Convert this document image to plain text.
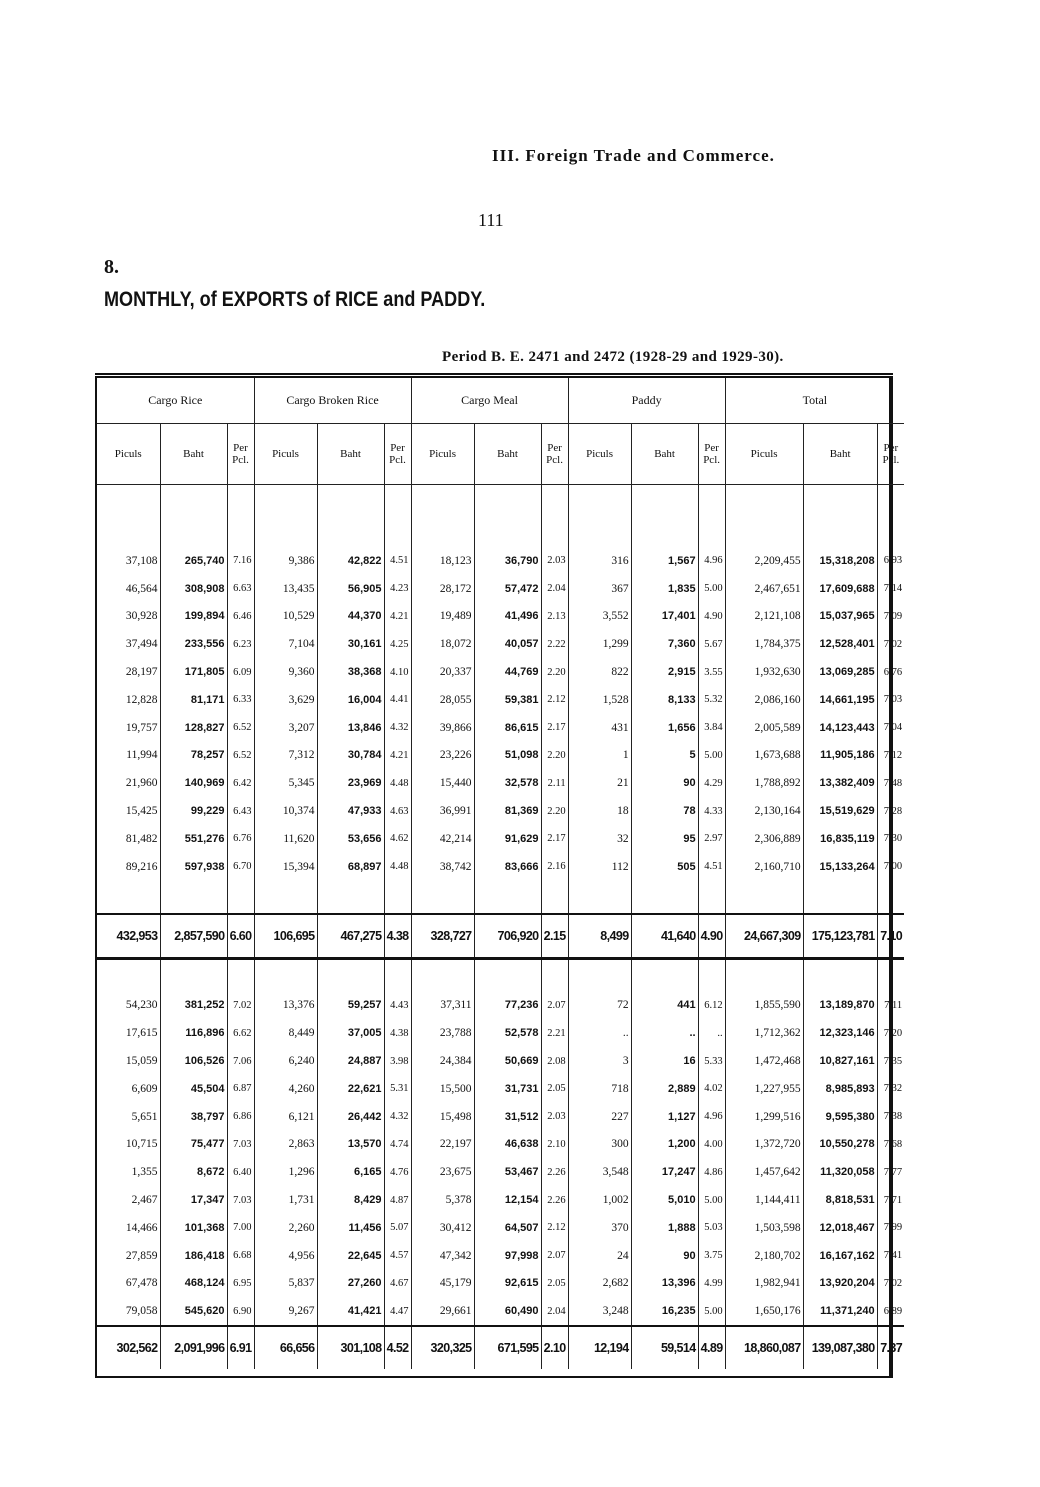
III. Foreign Trade and Commerce.
111
8.
MONTHLY, of EXPORTS of RICE and PADDY.
Period B. E. 2471 and 2472 (1928-29 and 1929-30).
Cargo Rice			Cargo Broken Rice			Cargo Meal			Paddy			Total		
Piculs	Baht	Per Pcl.	Piculs	Baht	Per Pcl.	Piculs	Baht	Per Pcl.	Piculs	Baht	Per Pcl.	Piculs	Baht	Per Pcl.

37,108	265,740	7.16	9,386	42,822	4.51	18,123	36,790	2.03	316	1,567	4.96	2,209,455	15,318,208	6.93
46,564	308,908	6.63	13,435	56,905	4.23	28,172	57,472	2.04	367	1,835	5.00	2,467,651	17,609,688	7.14
30,928	199,894	6.46	10,529	44,370	4.21	19,489	41,496	2.13	3,552	17,401	4.90	2,121,108	15,037,965	7.09
37,494	233,556	6.23	7,104	30,161	4.25	18,072	40,057	2.22	1,299	7,360	5.67	1,784,375	12,528,401	7.02
28,197	171,805	6.09	9,360	38,368	4.10	20,337	44,769	2.20	822	2,915	3.55	1,932,630	13,069,285	6.76
12,828	81,171	6.33	3,629	16,004	4.41	28,055	59,381	2.12	1,528	8,133	5.32	2,086,160	14,661,195	7.03
19,757	128,827	6.52	3,207	13,846	4.32	39,866	86,615	2.17	431	1,656	3.84	2,005,589	14,123,443	7.04
11,994	78,257	6.52	7,312	30,784	4.21	23,226	51,098	2.20	1	5	5.00	1,673,688	11,905,186	7.12
21,960	140,969	6.42	5,345	23,969	4.48	15,440	32,578	2.11	21	90	4.29	1,788,892	13,382,409	7.48
15,425	99,229	6.43	10,374	47,933	4.63	36,991	81,369	2.20	18	78	4.33	2,130,164	15,519,629	7.28
81,482	551,276	6.76	11,620	53,656	4.62	42,214	91,629	2.17	32	95	2.97	2,306,889	16,835,119	7.30
89,216	597,938	6.70	15,394	68,897	4.48	38,742	83,666	2.16	112	505	4.51	2,160,710	15,133,264	7.00

432,953	2,857,590	6.60	106,695	467,275	4.38	328,727	706,920	2.15	8,499	41,640	4.90	24,667,309	175,123,781	7.10

54,230	381,252	7.02	13,376	59,257	4.43	37,311	77,236	2.07	72	441	6.12	1,855,590	13,189,870	7.11
17,615	116,896	6.62	8,449	37,005	4.38	23,788	52,578	2.21	..	..	..	1,712,362	12,323,146	7.20
15,059	106,526	7.06	6,240	24,887	3.98	24,384	50,669	2.08	3	16	5.33	1,472,468	10,827,161	7.35
6,609	45,504	6.87	4,260	22,621	5.31	15,500	31,731	2.05	718	2,889	4.02	1,227,955	8,985,893	7.32
5,651	38,797	6.86	6,121	26,442	4.32	15,498	31,512	2.03	227	1,127	4.96	1,299,516	9,595,380	7.38
10,715	75,477	7.03	2,863	13,570	4.74	22,197	46,638	2.10	300	1,200	4.00	1,372,720	10,550,278	7.68
1,355	8,672	6.40	1,296	6,165	4.76	23,675	53,467	2.26	3,548	17,247	4.86	1,457,642	11,320,058	7.77
2,467	17,347	7.03	1,731	8,429	4.87	5,378	12,154	2.26	1,002	5,010	5.00	1,144,411	8,818,531	7.71
14,466	101,368	7.00	2,260	11,456	5.07	30,412	64,507	2.12	370	1,888	5.03	1,503,598	12,018,467	7.99
27,859	186,418	6.68	4,956	22,645	4.57	47,342	97,998	2.07	24	90	3.75	2,180,702	16,167,162	7.41
67,478	468,124	6.95	5,837	27,260	4.67	45,179	92,615	2.05	2,682	13,396	4.99	1,982,941	13,920,204	7.02
79,058	545,620	6.90	9,267	41,421	4.47	29,661	60,490	2.04	3,248	16,235	5.00	1,650,176	11,371,240	6.89
302,562	2,091,996	6.91	66,656	301,108	4.52	320,325	671,595	2.10	12,194	59,514	4.89	18,860,087	139,087,380	7.37
